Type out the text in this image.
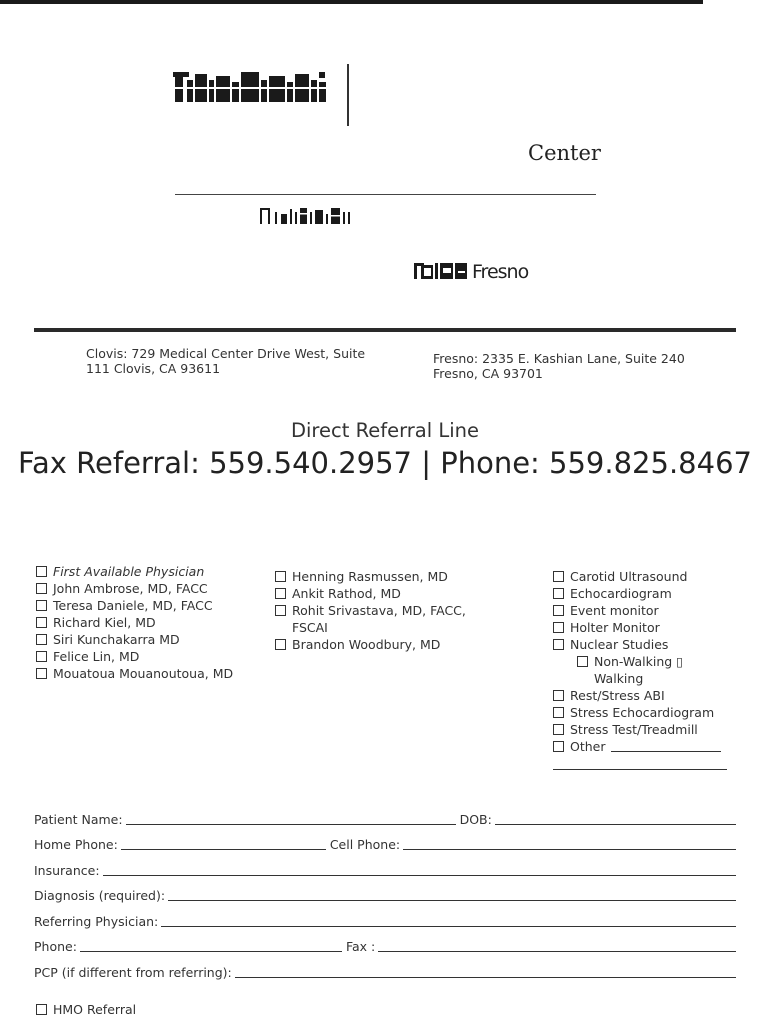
Center
Fresno
Clovis: 729 Medical Center Drive West, Suite 111 Clovis, CA 93611
Fresno: 2335 E. Kashian Lane, Suite 240 Fresno, CA 93701
Direct Referral Line
Fax Referral: 559.540.2957 | Phone: 559.825.8467
First Available Physician
John Ambrose, MD, FACC
Teresa Daniele, MD, FACC
Richard Kiel, MD
Siri Kunchakarra MD
Felice Lin, MD
Mouatoua Mouanoutoua, MD
Henning Rasmussen, MD
Ankit Rathod, MD
Rohit Srivastava, MD, FACC, FSCAI
Brandon Woodbury, MD
Carotid Ultrasound
Echocardiogram
Event monitor
Holter Monitor
Nuclear Studies
Non-Walking ▯ Walking
Rest/Stress ABI
Stress Echocardiogram
Stress Test/Treadmill
Other
Patient Name:	DOB:
Home Phone:	Cell Phone:
Insurance:
Diagnosis (required):
Referring Physician:
Phone:	Fax :
PCP (if different from referring):
HMO Referral
